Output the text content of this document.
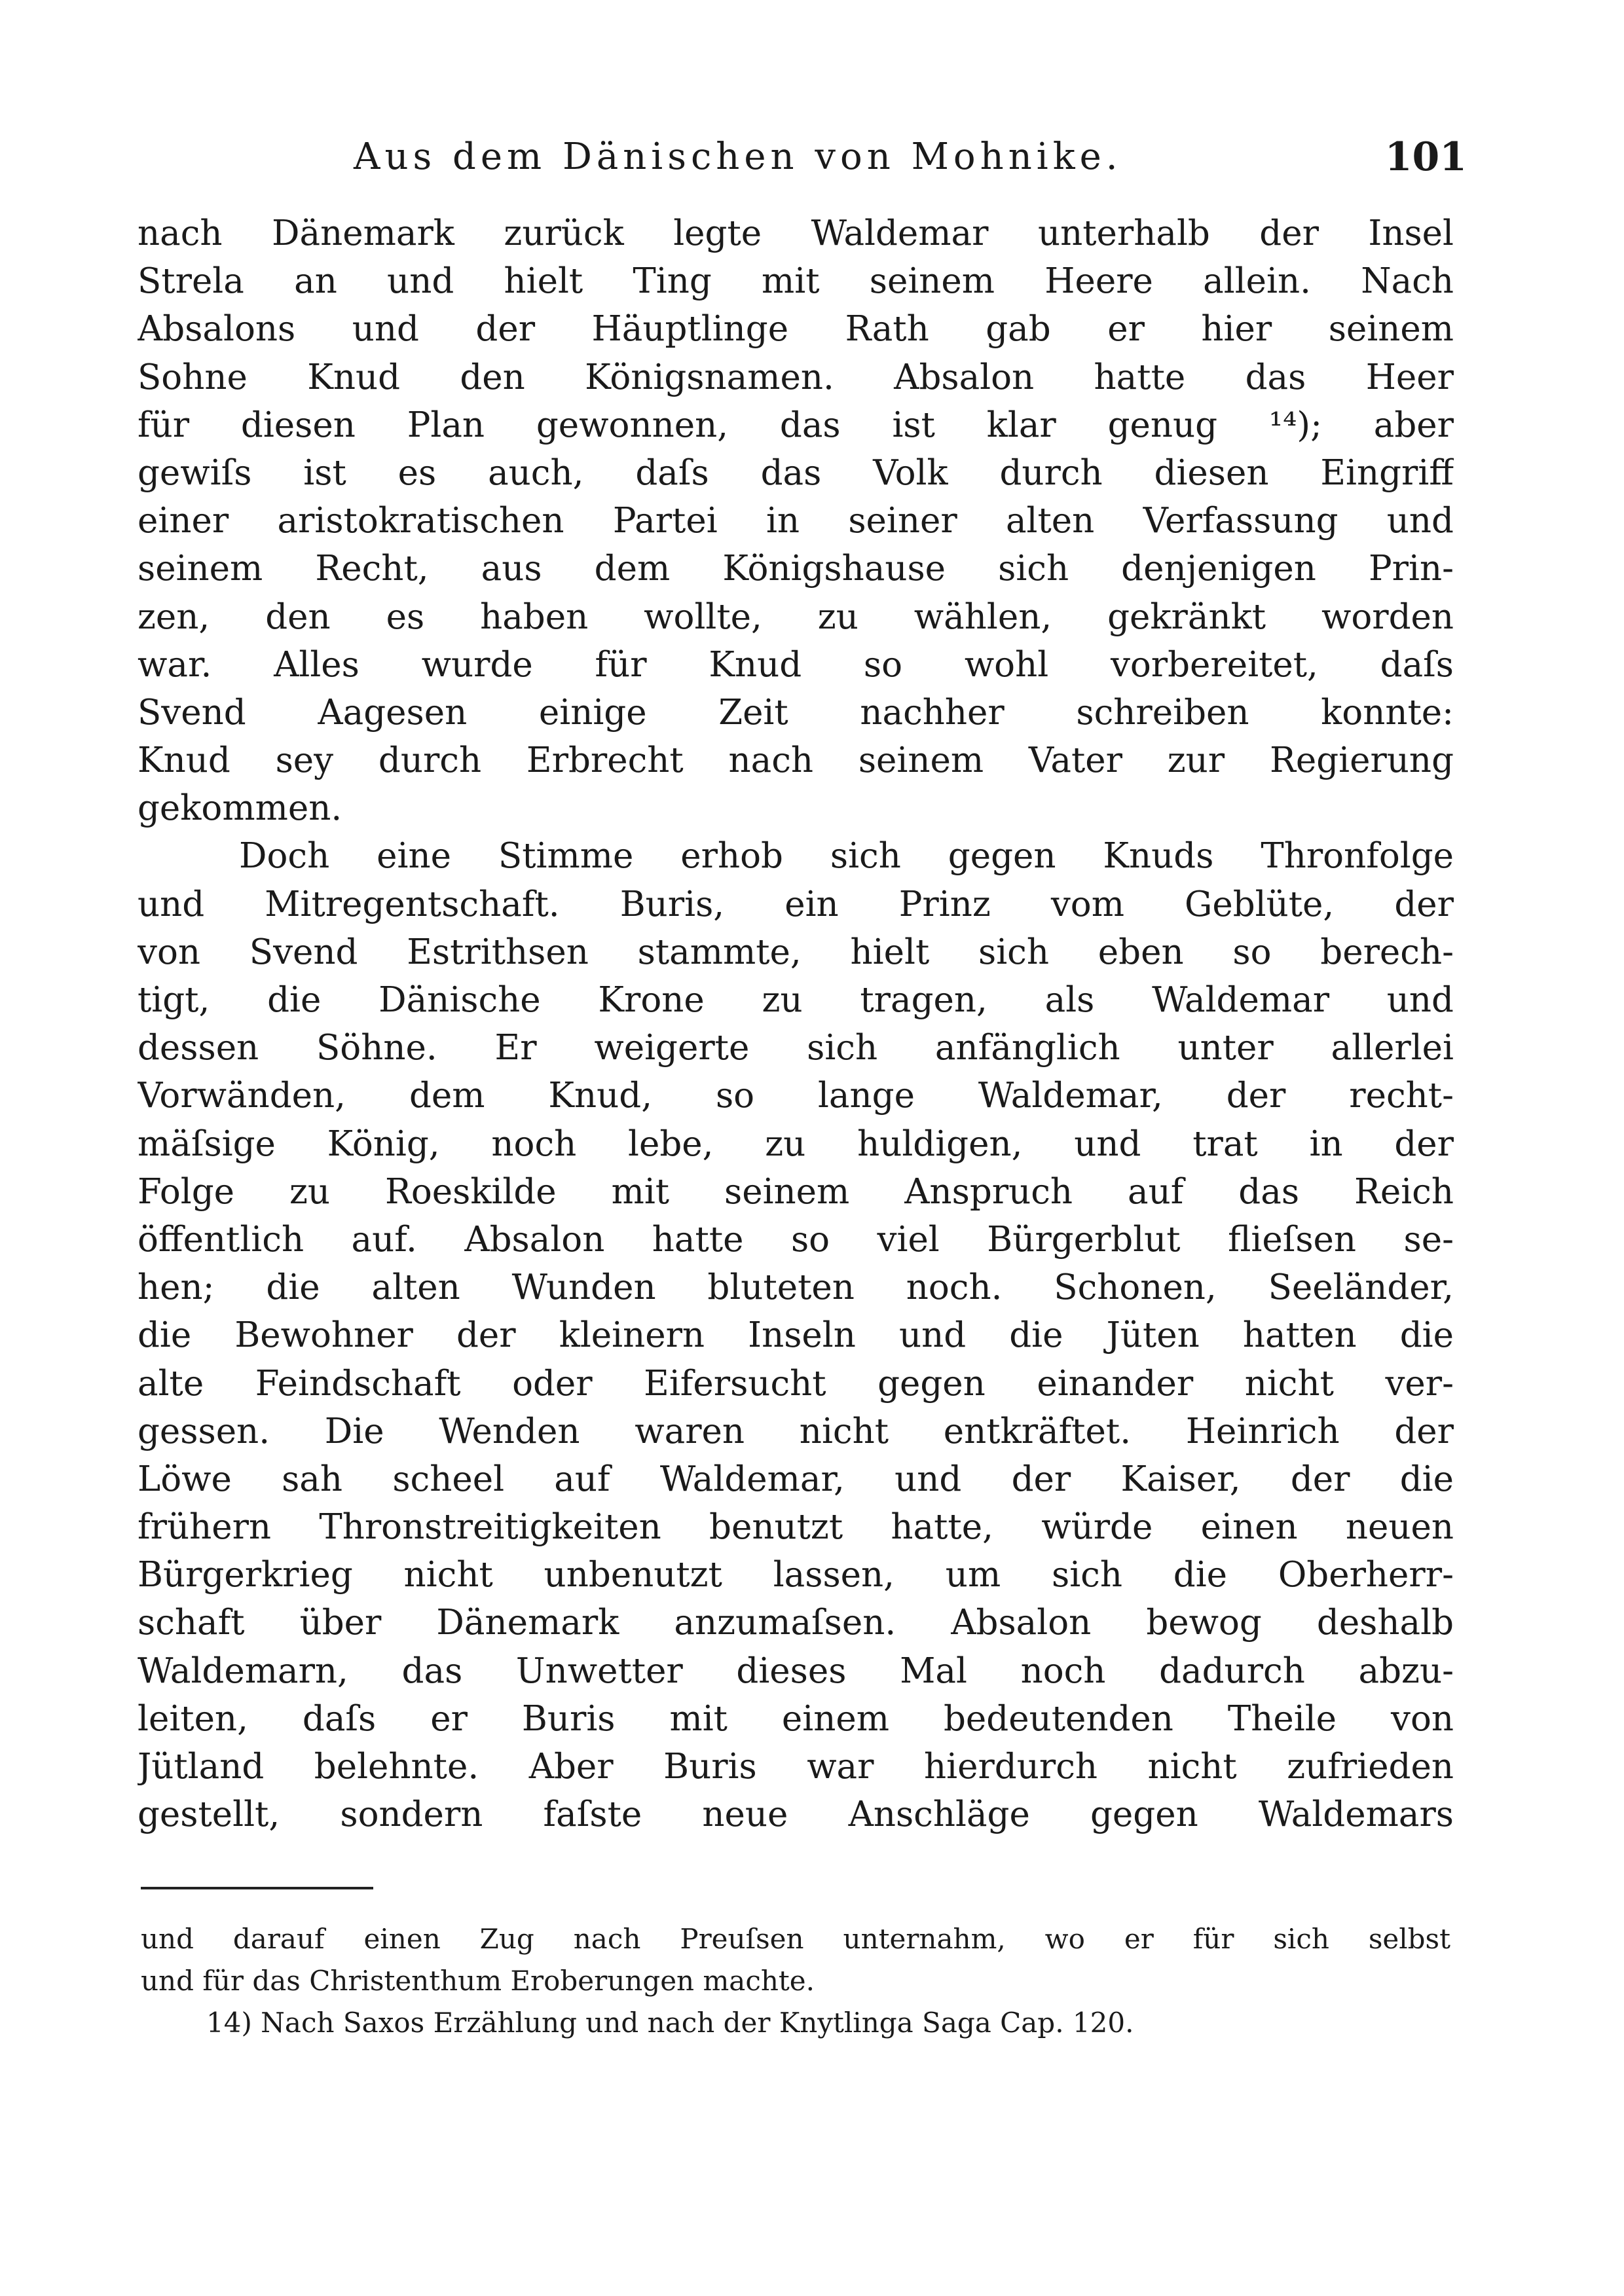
Aus dem Dänischen von Mohnike.	101
nach Dänemark zurück legte Waldemar unterhalb der Insel
Strela an und hielt Ting mit seinem Heere allein. Nach
Absalons und der Häuptlinge Rath gab er hier seinem
Sohne Knud den Königsnamen. Absalon hatte das Heer
für diesen Plan gewonnen, das ist klar genug ¹⁴); aber
gewiſs ist es auch, daſs das Volk durch diesen Eingriff
einer aristokratischen Partei in seiner alten Verfassung und
seinem Recht, aus dem Königshause sich denjenigen Prin-
zen, den es haben wollte, zu wählen, gekränkt worden
war. Alles wurde für Knud so wohl vorbereitet, daſs
Svend Aagesen einige Zeit nachher schreiben konnte:
Knud sey durch Erbrecht nach seinem Vater zur Regierung
gekommen.
Doch eine Stimme erhob sich gegen Knuds Thronfolge
und Mitregentschaft. Buris, ein Prinz vom Geblüte, der
von Svend Estrithsen stammte, hielt sich eben so berech-
tigt, die Dänische Krone zu tragen, als Waldemar und
dessen Söhne. Er weigerte sich anfänglich unter allerlei
Vorwänden, dem Knud, so lange Waldemar, der recht-
mäſsige König, noch lebe, zu huldigen, und trat in der
Folge zu Roeskilde mit seinem Anspruch auf das Reich
öffentlich auf. Absalon hatte so viel Bürgerblut flieſsen se-
hen; die alten Wunden bluteten noch. Schonen, Seeländer,
die Bewohner der kleinern Inseln und die Jüten hatten die
alte Feindschaft oder Eifersucht gegen einander nicht ver-
gessen. Die Wenden waren nicht entkräftet. Heinrich der
Löwe sah scheel auf Waldemar, und der Kaiser, der die
frühern Thronstreitigkeiten benutzt hatte, würde einen neuen
Bürgerkrieg nicht unbenutzt lassen, um sich die Oberherr-
schaft über Dänemark anzumaſsen. Absalon bewog deshalb
Waldemarn, das Unwetter dieses Mal noch dadurch abzu-
leiten, daſs er Buris mit einem bedeutenden Theile von
Jütland belehnte. Aber Buris war hierdurch nicht zufrieden
gestellt, sondern faſste neue Anschläge gegen Waldemars
und darauf einen Zug nach Preuſsen unternahm, wo er für sich selbst
und für das Christenthum Eroberungen machte.
14) Nach Saxos Erzählung und nach der Knytlinga Saga Cap. 120.
